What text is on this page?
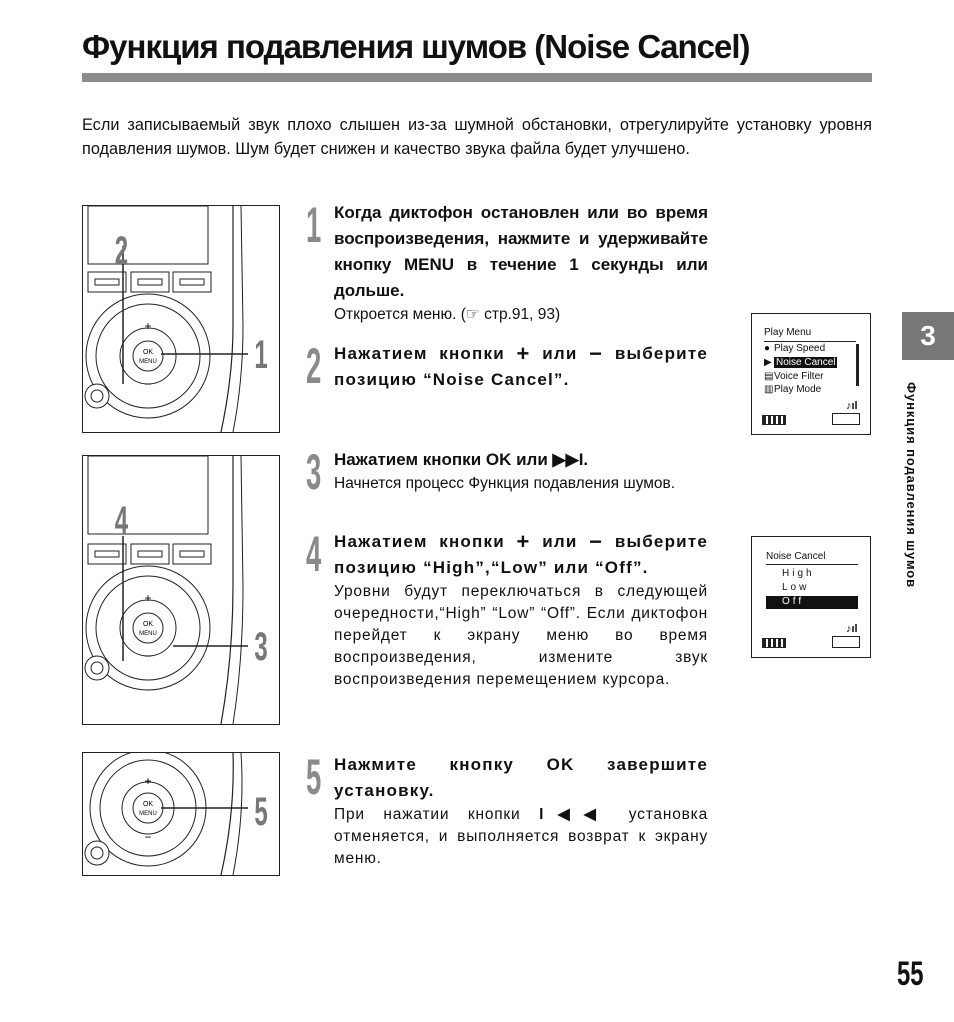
Функция подавления шумов (Noise Cancel)
Если записываемый звук плохо слышен из-за шумной обстановки, отрегулируйте установку уровня подавления шумов. Шум будет снижен и качество звука файла будет улучшено.
OK
MENU
+
−
2
1
OK
MENU
+
−
4
3
OK
MENU
+
−
5
1 Когда диктофон остановлен или во время воспроизведения, нажмите и удерживайте кнопку MENU в течение 1 секунды или дольше.
Откроется меню. (☞ стр.91, 93)
2 Нажатием кнопки + или − выберите позицию “Noise Cancel”.
3 Нажатием кнопки OK или ▶▶I.
Начнется процесс Функция подавления шумов.
4 Нажатием кнопки + или − выберите позицию “High”,“Low” или “Off”.
Уровни будут переключаться в следующей очередности,“High” “Low” “Off”. Если диктофон перейдет к экрану меню во время воспроизведения, измените звук воспроизведения перемещением курсора.
5 Нажмите кнопку OK завершите установку.
При нажатии кнопки I◀◀ установка отменяется, и выполняется возврат к экрану меню.
Play Menu
● Play Speed
▶ Noise Cancel
▤Voice Filter
▥Play Mode
♪ıl
Noise Cancel
High
Low
Off
♪ıl
3
Функция подавления шумов
55
